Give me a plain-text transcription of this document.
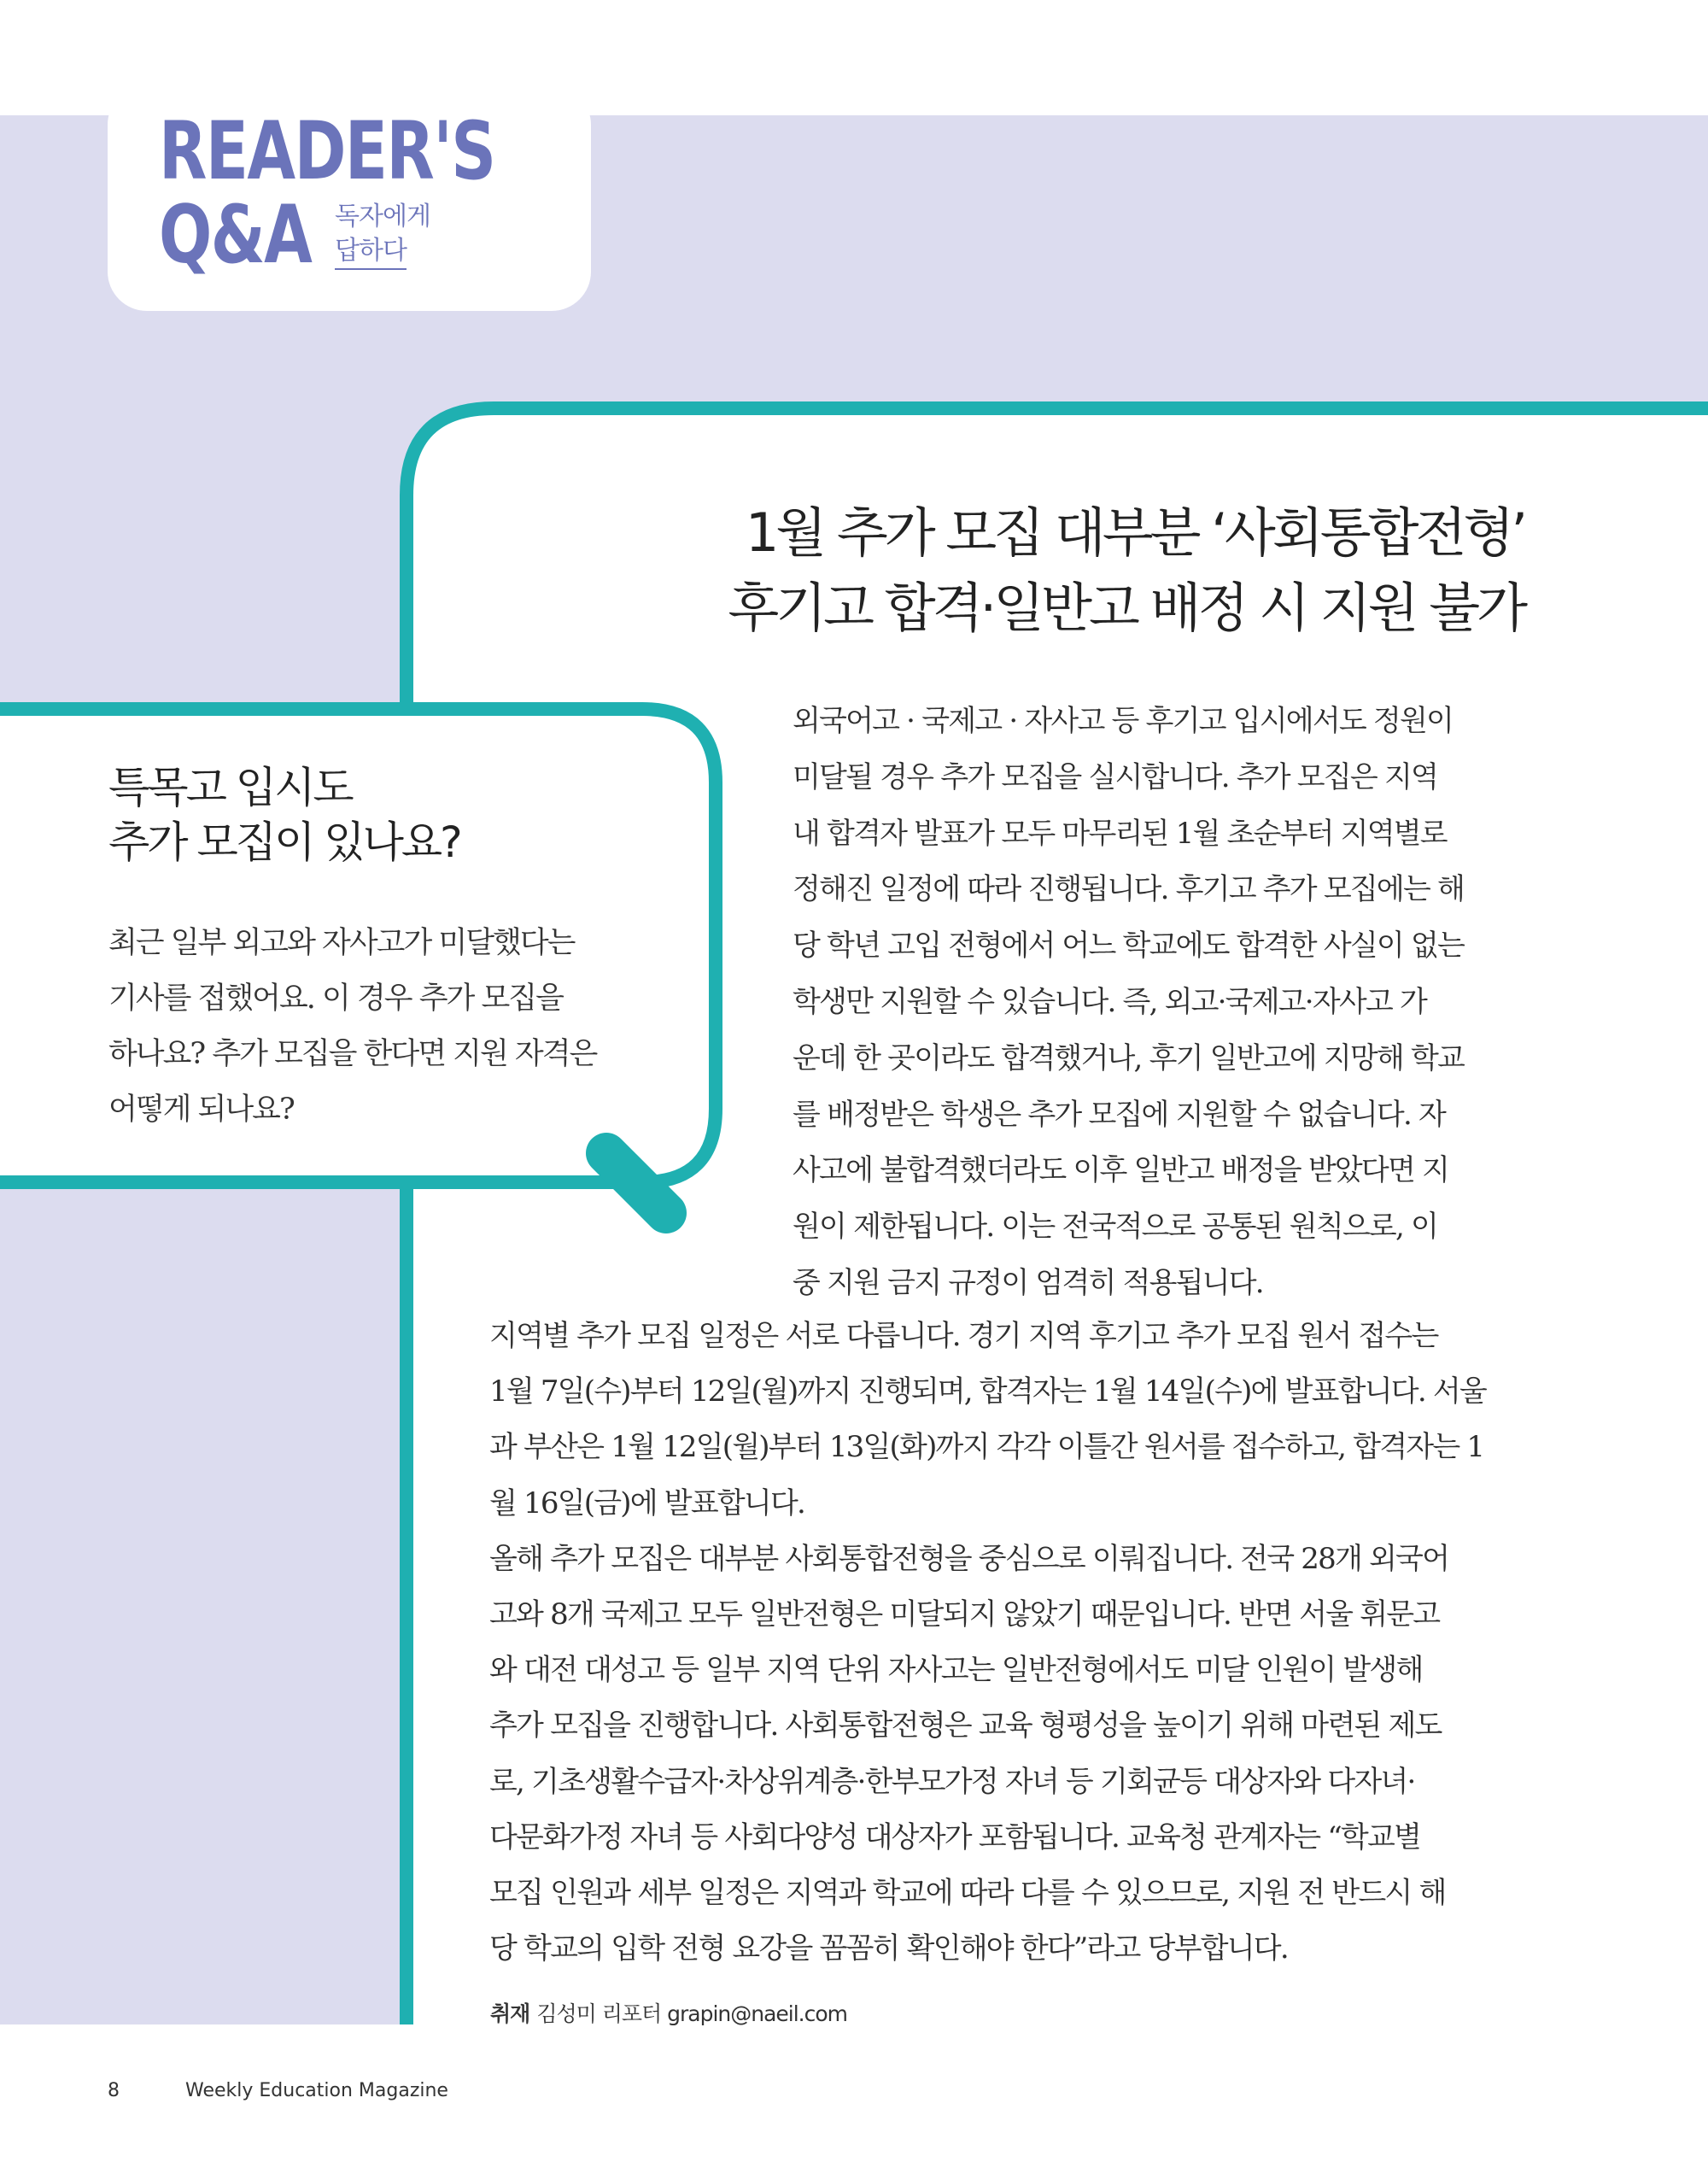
READER'S
Q&A 독자에게
답하다
1월 추가 모집 대부분 ‘사회통합전형’
후기고 합격·일반고 배정 시 지원 불가
특목고 입시도
추가 모집이 있나요?
최근 일부 외고와 자사고가 미달했다는
기사를 접했어요. 이 경우 추가 모집을
하나요? 추가 모집을 한다면 지원 자격은
어떻게 되나요?
외국어고 · 국제고 · 자사고 등 후기고 입시에서도 정원이
미달될 경우 추가 모집을 실시합니다. 추가 모집은 지역
내 합격자 발표가 모두 마무리된 1월 초순부터 지역별로
정해진 일정에 따라 진행됩니다. 후기고 추가 모집에는 해
당 학년 고입 전형에서 어느 학교에도 합격한 사실이 없는
학생만 지원할 수 있습니다. 즉, 외고·국제고·자사고 가
운데 한 곳이라도 합격했거나, 후기 일반고에 지망해 학교
를 배정받은 학생은 추가 모집에 지원할 수 없습니다. 자
사고에 불합격했더라도 이후 일반고 배정을 받았다면 지
원이 제한됩니다. 이는 전국적으로 공통된 원칙으로, 이
중 지원 금지 규정이 엄격히 적용됩니다.
지역별 추가 모집 일정은 서로 다릅니다. 경기 지역 후기고 추가 모집 원서 접수는
1월 7일(수)부터 12일(월)까지 진행되며, 합격자는 1월 14일(수)에 발표합니다. 서울
과 부산은 1월 12일(월)부터 13일(화)까지 각각 이틀간 원서를 접수하고, 합격자는 1
월 16일(금)에 발표합니다.
올해 추가 모집은 대부분 사회통합전형을 중심으로 이뤄집니다. 전국 28개 외국어
고와 8개 국제고 모두 일반전형은 미달되지 않았기 때문입니다. 반면 서울 휘문고
와 대전 대성고 등 일부 지역 단위 자사고는 일반전형에서도 미달 인원이 발생해
추가 모집을 진행합니다. 사회통합전형은 교육 형평성을 높이기 위해 마련된 제도
로, 기초생활수급자·차상위계층·한부모가정 자녀 등 기회균등 대상자와 다자녀·
다문화가정 자녀 등 사회다양성 대상자가 포함됩니다. 교육청 관계자는 “학교별
모집 인원과 세부 일정은 지역과 학교에 따라 다를 수 있으므로, 지원 전 반드시 해
당 학교의 입학 전형 요강을 꼼꼼히 확인해야 한다”라고 당부합니다.
취재 김성미 리포터 grapin@naeil.com
8	Weekly Education Magazine
